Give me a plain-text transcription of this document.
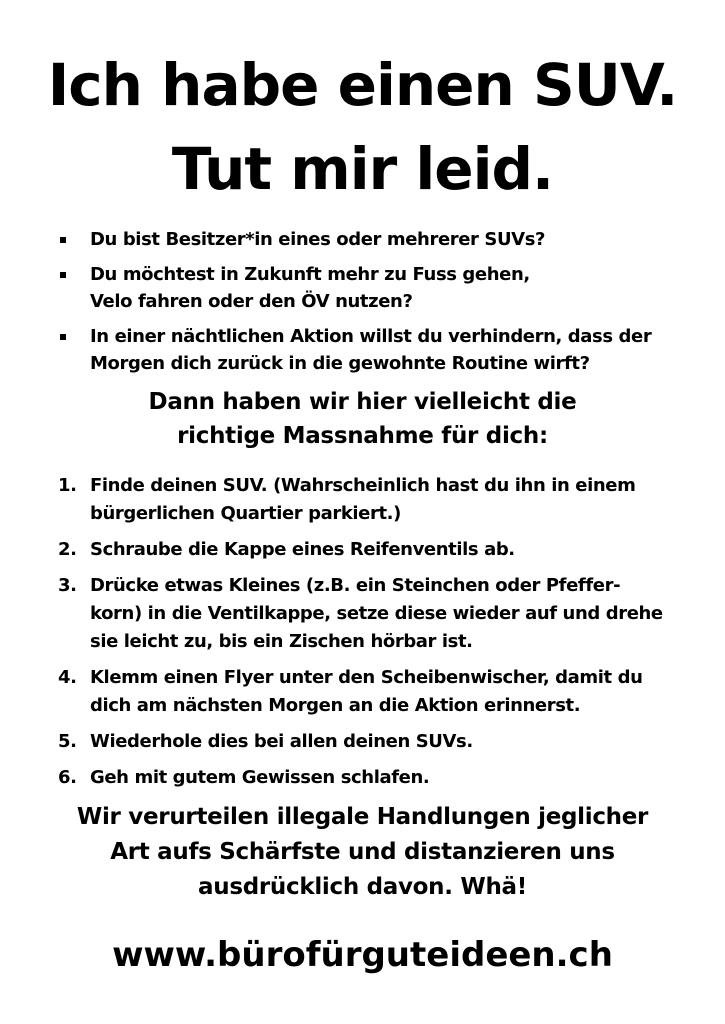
Ich habe einen SUV.
Tut mir leid.
Du bist Besitzer*in eines oder mehrerer SUVs?
Du möchtest in Zukunft mehr zu Fuss gehen,
Velo fahren oder den ÖV nutzen?
In einer nächtlichen Aktion willst du verhindern, dass der
Morgen dich zurück in die gewohnte Routine wirft?
Dann haben wir hier vielleicht die
richtige Massnahme für dich:
1. Finde deinen SUV. (Wahrscheinlich hast du ihn in einem
bürgerlichen Quartier parkiert.)
2. Schraube die Kappe eines Reifenventils ab.
3. Drücke etwas Kleines (z.B. ein Steinchen oder Pfeffer-
korn) in die Ventilkappe, setze diese wieder auf und drehe
sie leicht zu, bis ein Zischen hörbar ist.
4. Klemm einen Flyer unter den Scheibenwischer, damit du
dich am nächsten Morgen an die Aktion erinnerst.
5. Wiederhole dies bei allen deinen SUVs.
6. Geh mit gutem Gewissen schlafen.
Wir verurteilen illegale Handlungen jeglicher
Art aufs Schärfste und distanzieren uns
ausdrücklich davon. Whä!
www.bürofürguteideen.ch
